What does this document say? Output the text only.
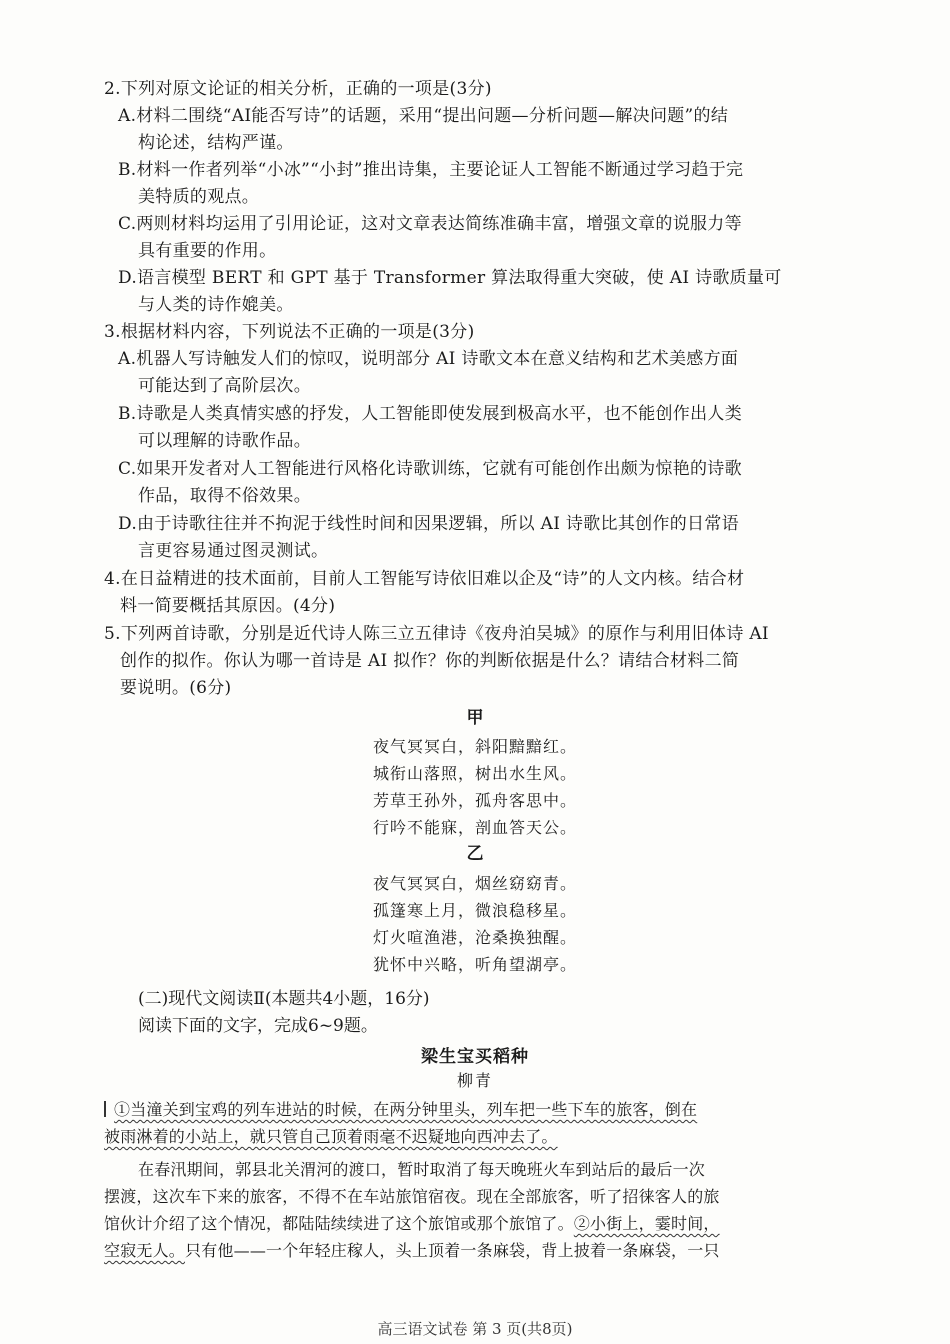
2.下列对原文论证的相关分析，正确的一项是(3分)
A.材料二围绕“AI能否写诗”的话题，采用“提出问题—分析问题—解决问题”的结
构论述，结构严谨。
B.材料一作者列举“小冰”“小封”推出诗集，主要论证人工智能不断通过学习趋于完
美特质的观点。
C.两则材料均运用了引用论证，这对文章表达简练准确丰富，增强文章的说服力等
具有重要的作用。
D.语言模型 BERT 和 GPT 基于 Transformer 算法取得重大突破，使 AI 诗歌质量可
与人类的诗作媲美。
3.根据材料内容，下列说法不正确的一项是(3分)
A.机器人写诗触发人们的惊叹，说明部分 AI 诗歌文本在意义结构和艺术美感方面
可能达到了高阶层次。
B.诗歌是人类真情实感的抒发，人工智能即使发展到极高水平，也不能创作出人类
可以理解的诗歌作品。
C.如果开发者对人工智能进行风格化诗歌训练，它就有可能创作出颇为惊艳的诗歌
作品，取得不俗效果。
D.由于诗歌往往并不拘泥于线性时间和因果逻辑，所以 AI 诗歌比其创作的日常语
言更容易通过图灵测试。
4.在日益精进的技术面前，目前人工智能写诗依旧难以企及“诗”的人文内核。结合材
料一简要概括其原因。(4分)
5.下列两首诗歌，分别是近代诗人陈三立五律诗《夜舟泊吴城》的原作与利用旧体诗 AI
创作的拟作。你认为哪一首诗是 AI 拟作？你的判断依据是什么？请结合材料二简
要说明。(6分)
甲
夜气冥冥白，斜阳黯黯红。
城衔山落照，树出水生风。
芳草王孙外，孤舟客思中。
行吟不能寐，剖血答天公。
乙
夜气冥冥白，烟丝窈窈青。
孤篷寒上月，微浪稳移星。
灯火喧渔港，沧桑换独醒。
犹怀中兴略，听角望湖亭。
(二)现代文阅读Ⅱ(本题共4小题，16分)
阅读下面的文字，完成6~9题。
梁生宝买稻种
柳青
①当潼关到宝鸡的列车进站的时候，在两分钟里头，列车把一些下车的旅客，倒在
被雨淋着的小站上，就只管自己顶着雨毫不迟疑地向西冲去了。
在春汛期间，郭县北关渭河的渡口，暂时取消了每天晚班火车到站后的最后一次
摆渡，这次车下来的旅客，不得不在车站旅馆宿夜。现在全部旅客，听了招徕客人的旅
馆伙计介绍了这个情况，都陆陆续续进了这个旅馆或那个旅馆了。②小街上，霎时间，
空寂无人。只有他——一个年轻庄稼人，头上顶着一条麻袋，背上披着一条麻袋，一只
高三语文试卷 第 3 页(共8页)
